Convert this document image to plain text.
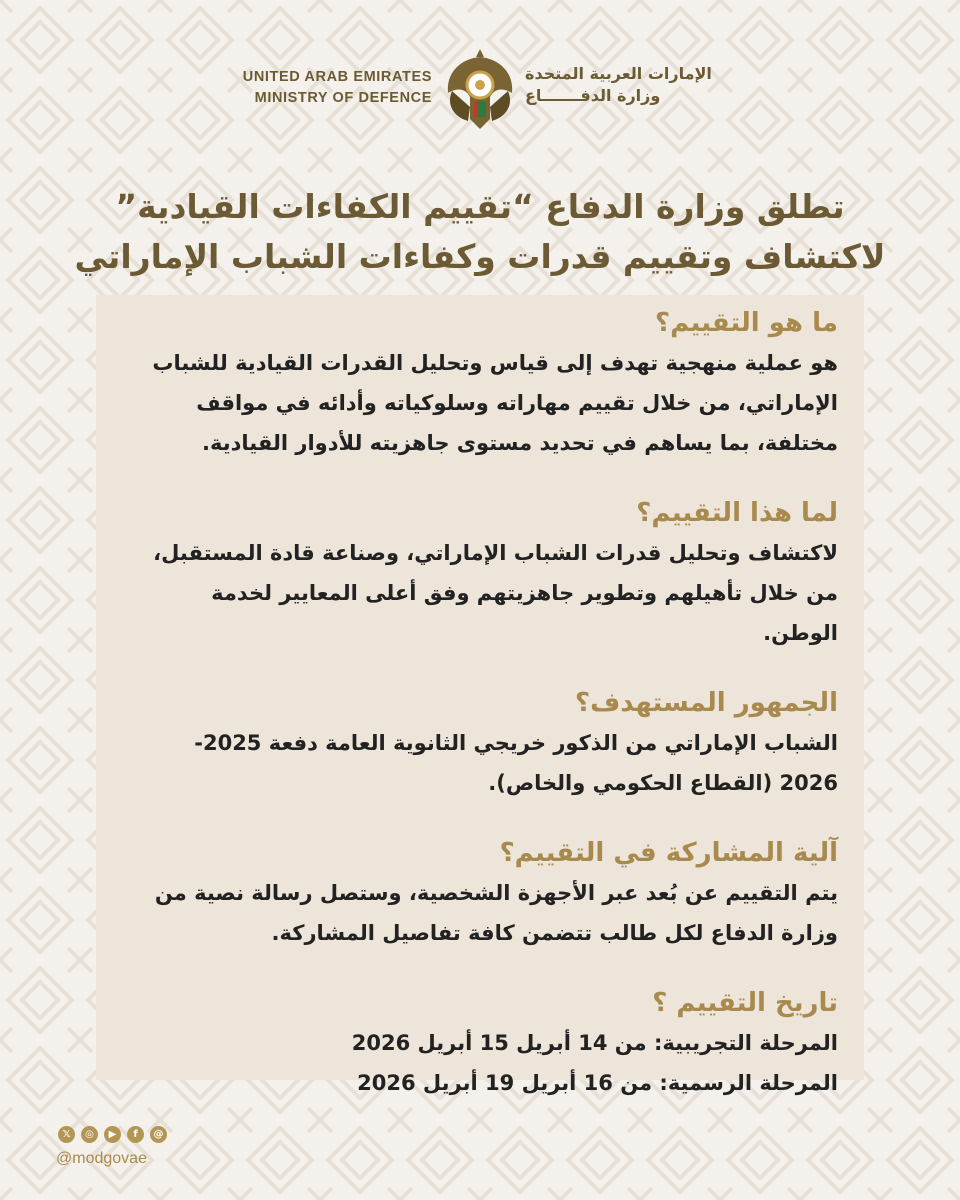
UNITED ARAB EMIRATES
MINISTRY OF DEFENCE
الإمارات العربية المتحدة
وزارة الدفـــــــاع
تطلق وزارة الدفاع “تقييم الكفاءات القيادية”
لاكتشاف وتقييم قدرات وكفاءات الشباب الإماراتي

ما هو التقييم؟

هو عملية منهجية تهدف إلى قياس وتحليل القدرات القيادية للشباب
الإماراتي، من خلال تقييم مهاراته وسلوكياته وأدائه في مواقف
مختلفة، بما يساهم في تحديد مستوى جاهزيته للأدوار القيادية.

لما هذا التقييم؟

لاكتشاف وتحليل قدرات الشباب الإماراتي، وصناعة قادة المستقبل،
من خلال تأهيلهم وتطوير جاهزيتهم وفق أعلى المعايير لخدمة
الوطن.

الجمهور المستهدف؟

الشباب الإماراتي من الذكور خريجي الثانوية العامة دفعة 2025-
2026 (القطاع الحكومي والخاص).

آلية المشاركة في التقييم؟

يتم التقييم عن بُعد عبر الأجهزة الشخصية، وستصل رسالة نصية من
وزارة الدفاع لكل طالب تتضمن كافة تفاصيل المشاركة.

تاريخ التقييم ؟

المرحلة التجريبية: من 14 أبريل 15 أبريل 2026
المرحلة الرسمية: من 16 أبريل 19 أبريل 2026

𝕏	◎	▶	f	@
@modgovae
